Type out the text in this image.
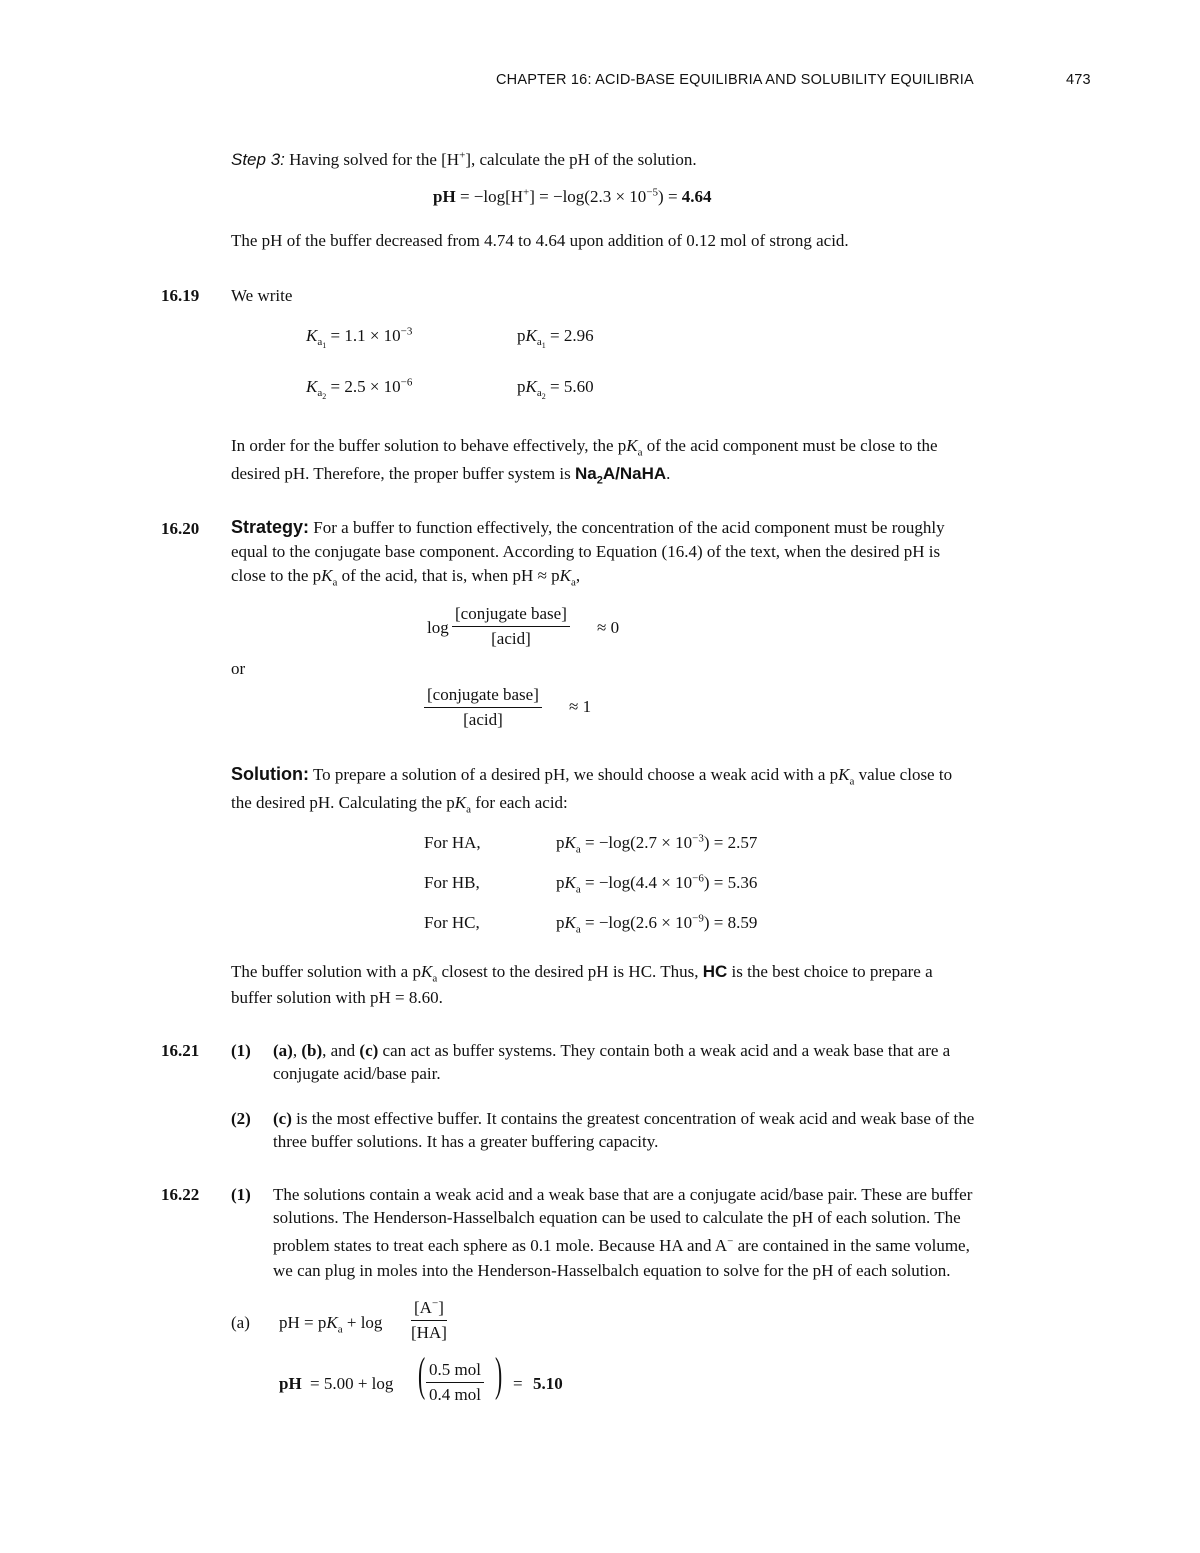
CHAPTER 16: ACID-BASE EQUILIBRIA AND SOLUBILITY EQUILIBRIA	473
Step 3: Having solved for the [H+], calculate the pH of the solution.
pH = $-\log[H^+] = -\log(2.3 \times 10^{-5}) = 4.64$
The pH of the buffer decreased from 4.74 to 4.64 upon addition of 0.12 mol of strong acid.
16.19 We write
$K_{a_1} = 1.1 \times 10^{-3}$	$pK_{a_1} = 2.96$
$K_{a_2} = 2.5 \times 10^{-6}$	$pK_{a_2} = 5.60$
In order for the buffer solution to behave effectively, the $pK_a$ of the acid component must be close to the
desired pH. Therefore, the proper buffer system is $Na_2A$/NaHA.
16.20 Strategy: For a buffer to function effectively, the concentration of the acid component must be roughly
equal to the conjugate base component. According to Equation (16.4) of the text, when the desired pH is
close to the $pK_a$ of the acid, that is, when pH ≈ $pK_a$,
log
[conjugate base]
[acid]
≈ 0
or
[conjugate base]
[acid]
≈ 1
Solution: To prepare a solution of a desired pH, we should choose a weak acid with a $pK_a$ value close to
the desired pH. Calculating the $pK_a$ for each acid:
For HA,	$pK_a = -\log(2.7 \times 10^{-3}) = 2.57$
For HB,	$pK_a = -\log(4.4 \times 10^{-6}) = 5.36$
For HC,	$pK_a = -\log(2.6 \times 10^{-9}) = 8.59$
The buffer solution with a $pK_a$ closest to the desired pH is HC. Thus, HC is the best choice to prepare a
buffer solution with pH = 8.60.
16.21 (1) (a), (b), and (c) can act as buffer systems. They contain both a weak acid and a weak base that are a
conjugate acid/base pair.
(2) (c) is the most effective buffer. It contains the greatest concentration of weak acid and weak base of the
three buffer solutions. It has a greater buffering capacity.
16.22 (1) The solutions contain a weak acid and a weak base that are a conjugate acid/base pair. These are buffer
solutions. The Henderson-Hasselbalch equation can be used to calculate the pH of each solution. The
problem states to treat each sphere as 0.1 mole. Because HA and A− are contained in the same volume,
we can plug in moles into the Henderson-Hasselbalch equation to solve for the pH of each solution.
(a) pH = $pK_a + \log \frac{[A^-]}{[HA]}$
pH = 5.00 + log ( 0.5 mol
0.4 mol ) = 5.10
